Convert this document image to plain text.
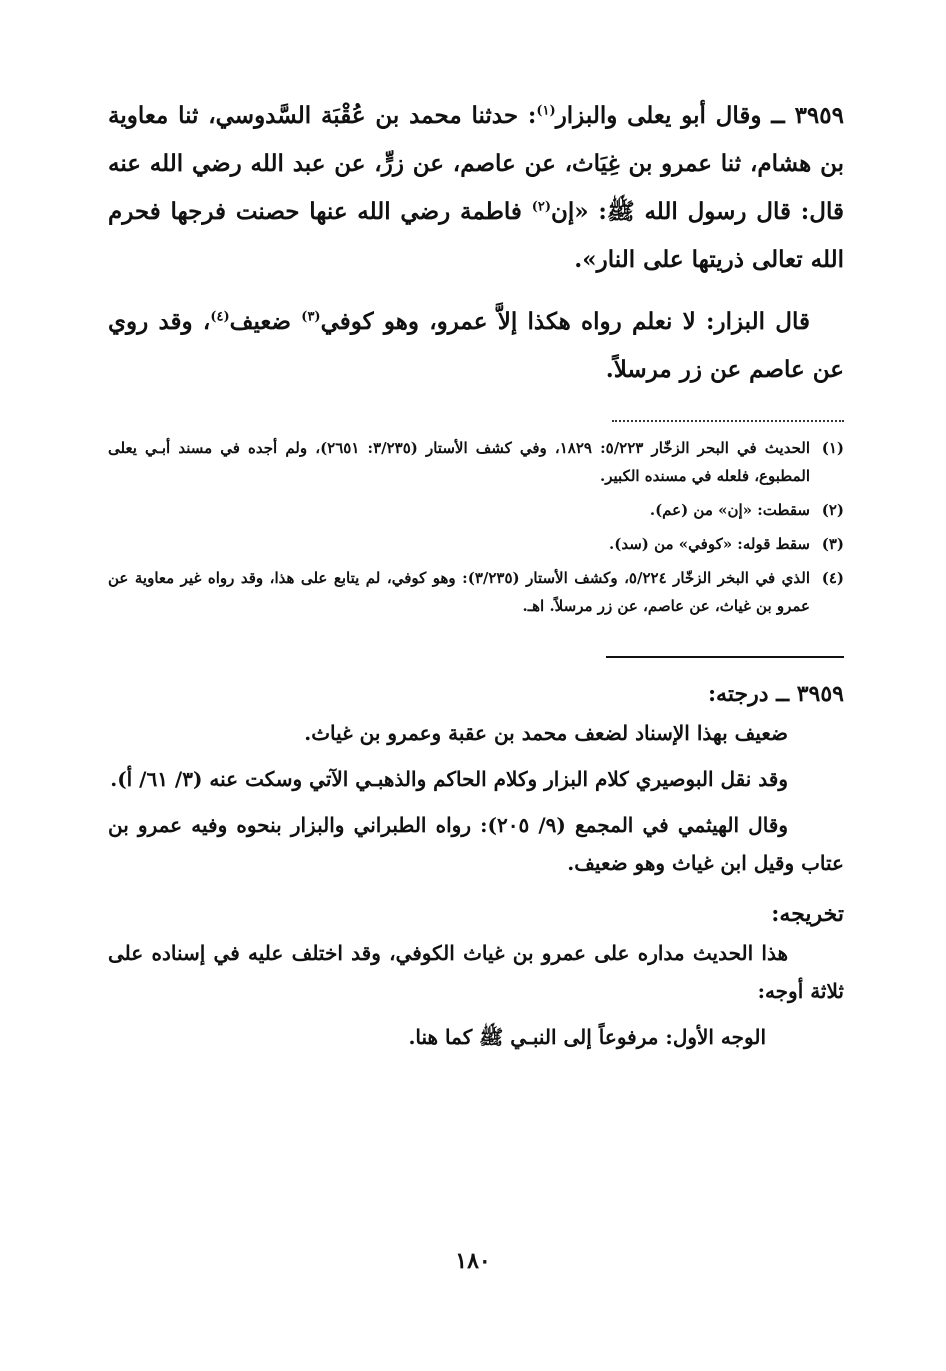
٣٩٥٩ ــ وقال أبو يعلى والبزار$^{(١)}$: حدثنا محمد بن عُقْبَة السَّدوسي، ثنا معاوية بن هشام، ثنا عمرو بن غِيَاث، عن عاصم، عن زرٍّ، عن عبد الله رضي الله عنه قال: قال رسول الله ﷺ: «إن$^{(٢)}$ فاطمة رضي الله عنها حصنت فرجها فحرم الله تعالى ذريتها على النار».

قال البزار: لا نعلم رواه هكذا إلاَّ عمرو، وهو كوفي$^{(٣)}$ ضعيف$^{(٤)}$، وقد روي عن عاصم عن زر مرسلاً.

(١)
الحديث في البحر الزخّار ٥/٢٢٣: ١٨٢٩، وفي كشف الأستار (٣/٢٣٥: ٢٦٥١)، ولم أجده في مسند أبـي يعلى المطبوع، فلعله في مسنده الكبير.

(٢)
سقطت: «إن» من (عم).

(٣)
سقط قوله: «كوفي» من (سد).

(٤)
الذي في البخر الزخّار ٥/٢٢٤، وكشف الأستار (٣/٢٣٥): وهو كوفي، لم يتابع على هذا، وقد رواه غير معاوية عن عمرو بن غياث، عن عاصم، عن زر مرسلاً. اهـ.

٣٩٥٩ ــ درجته:

ضعيف بهذا الإسناد لضعف محمد بن عقبة وعمرو بن غياث.

وقد نقل البوصيري كلام البزار وكلام الحاكم والذهبـي الآتي وسكت عنه (٣/ ٦١/ أ).

وقال الهيثمي في المجمع (٩/ ٢٠٥): رواه الطبراني والبزار بنحوه وفيه عمرو بن عتاب وقيل ابن غياث وهو ضعيف.

تخريجه:

هذا الحديث مداره على عمرو بن غياث الكوفي، وقد اختلف عليه في إسناده على ثلاثة أوجه:

الوجه الأول: مرفوعاً إلى النبـي ﷺ كما هنا.

١٨٠
